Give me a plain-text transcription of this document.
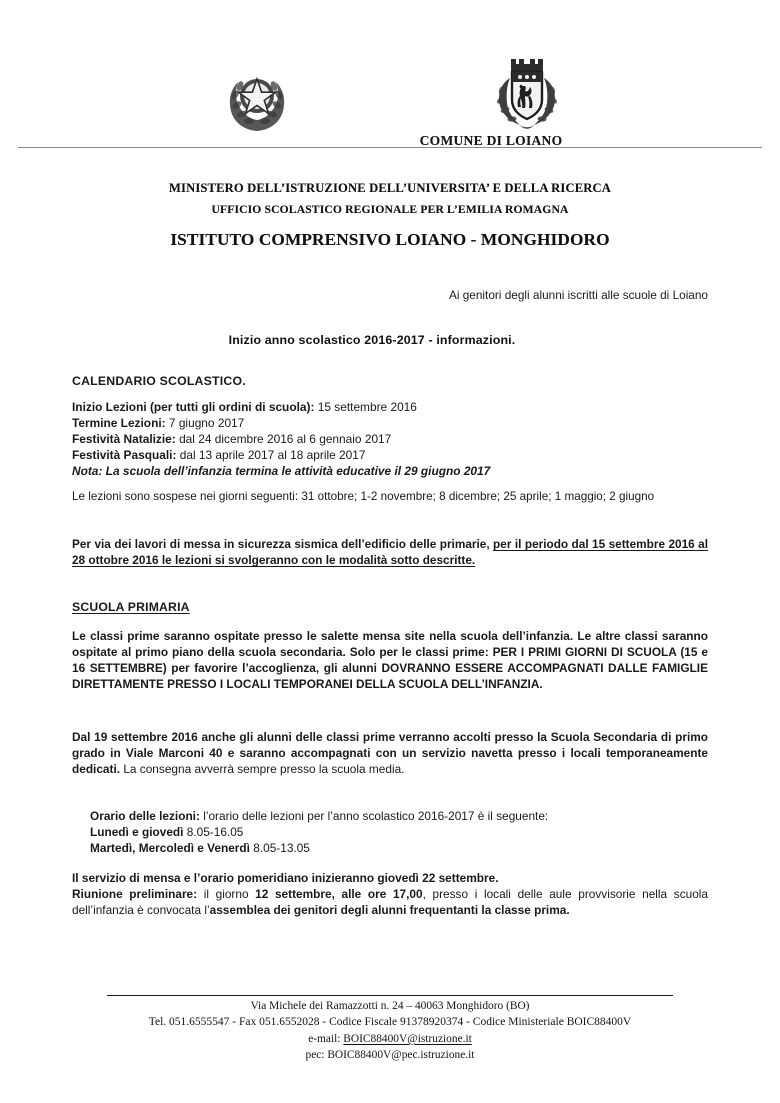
COMUNE DI LOIANO
MINISTERO DELL’ISTRUZIONE DELL’UNIVERSITA’ E DELLA RICERCA
UFFICIO SCOLASTICO REGIONALE PER L’EMILIA ROMAGNA
ISTITUTO COMPRENSIVO LOIANO - MONGHIDORO
Ai genitori degli alunni iscritti alle scuole di Loiano
Inizio anno scolastico 2016-2017 - informazioni.
CALENDARIO SCOLASTICO.
Inizio Lezioni (per tutti gli ordini di scuola): 15 settembre 2016
Termine Lezioni: 7 giugno 2017
Festività Natalizie: dal 24 dicembre 2016 al 6 gennaio 2017
Festività Pasquali: dal 13 aprile 2017 al 18 aprile 2017
Nota: La scuola dell’infanzia termina le attività educative il 29 giugno 2017
Le lezioni sono sospese nei giorni seguenti: 31 ottobre; 1-2 novembre; 8 dicembre; 25 aprile; 1 maggio; 2 giugno
Per via dei lavori di messa in sicurezza sismica dell’edificio delle primarie, per il periodo dal 15 settembre 2016 al 28 ottobre 2016 le lezioni si svolgeranno con le modalità sotto descritte.
SCUOLA PRIMARIA
Le classi prime saranno ospitate presso le salette mensa site nella scuola dell’infanzia. Le altre classi saranno ospitate al primo piano della scuola secondaria. Solo per le classi prime: PER I PRIMI GIORNI DI SCUOLA (15 e 16 SETTEMBRE) per favorire l’accoglienza, gli alunni DOVRANNO ESSERE ACCOMPAGNATI DALLE FAMIGLIE DIRETTAMENTE PRESSO I LOCALI TEMPORANEI DELLA SCUOLA DELL’INFANZIA.
Dal 19 settembre 2016 anche gli alunni delle classi prime verranno accolti presso la Scuola Secondaria di primo grado in Viale Marconi 40 e saranno accompagnati con un servizio navetta presso i locali temporaneamente dedicati. La consegna avverrà sempre presso la scuola media.
Orario delle lezioni: l’orario delle lezioni per l’anno scolastico 2016-2017 è il seguente:
Lunedì e giovedì 8.05-16.05
Martedì, Mercoledì e Venerdì 8.05-13.05
Il servizio di mensa e l’orario pomeridiano inizieranno giovedì 22 settembre.
Riunione preliminare: il giorno 12 settembre, alle ore 17,00, presso i locali delle aule provvisorie nella scuola dell’infanzia è convocata l’assemblea dei genitori degli alunni frequentanti la classe prima.
Via Michele dei Ramazzotti n. 24 – 40063 Monghidoro (BO)
Tel. 051.6555547 - Fax 051.6552028 - Codice Fiscale 91378920374 - Codice Ministeriale BOIC88400V
e-mail: BOIC88400V@istruzione.it
pec: BOIC88400V@pec.istruzione.it
